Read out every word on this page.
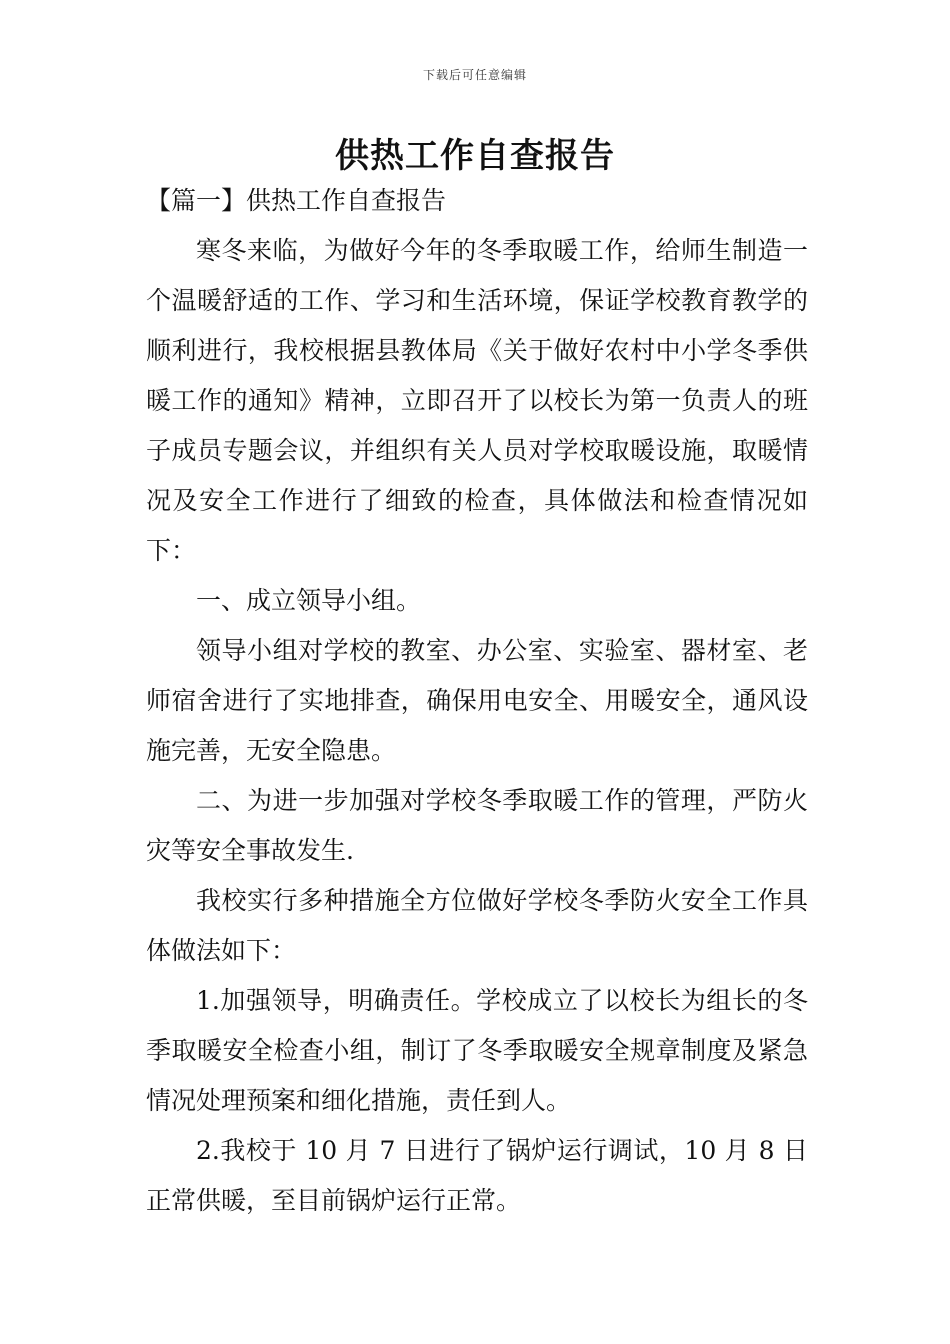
下载后可任意编辑
供热工作自查报告

【篇一】供热工作自查报告

寒冬来临，为做好今年的冬季取暖工作，给师生制造一个温暖舒适的工作、学习和生活环境，保证学校教育教学的顺利进行，我校根据县教体局《关于做好农村中小学冬季供暖工作的通知》精神，立即召开了以校长为第一负责人的班子成员专题会议，并组织有关人员对学校取暖设施，取暖情况及安全工作进行了细致的检查，具体做法和检查情况如下：

一、成立领导小组。

领导小组对学校的教室、办公室、实验室、器材室、老师宿舍进行了实地排查，确保用电安全、用暖安全，通风设施完善，无安全隐患。

二、为进一步加强对学校冬季取暖工作的管理，严防火灾等安全事故发生.

我校实行多种措施全方位做好学校冬季防火安全工作具体做法如下：

1.加强领导，明确责任。学校成立了以校长为组长的冬季取暖安全检查小组，制订了冬季取暖安全规章制度及紧急情况处理预案和细化措施，责任到人。

2.我校于 10 月 7 日进行了锅炉运行调试，10 月 8 日正常供暖，至目前锅炉运行正常。
